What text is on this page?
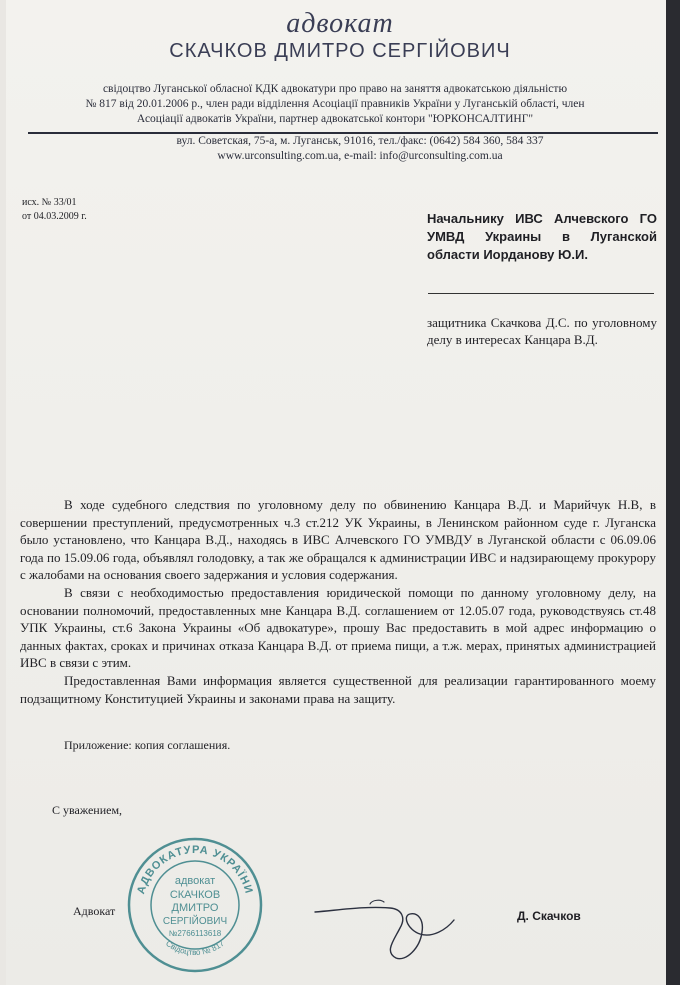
адвокат
СКАЧКОВ ДМИТРО СЕРГІЙОВИЧ
свідоцтво Луганської обласної КДК адвокатури про право на заняття адвокатською діяльністю
№ 817 від 20.01.2006 р., член ради відділення Асоціації правників України у Луганській області, член
Асоціації адвокатів України, партнер адвокатської контори "ЮРКОНСАЛТИНГ"
вул. Советская, 75-а, м. Луганськ, 91016, тел./факс: (0642) 584 360, 584 337
www.urconsulting.com.ua, e-mail: info@urconsulting.com.ua
исх. № 33/01
от 04.03.2009 г.	Начальнику ИВС Алчевского ГО УМВД Украины в Луганской области Иорданову Ю.И.
защитника Скачкова Д.С. по уголовному делу в интересах Канцара В.Д.

В ходе судебного следствия по уголовному делу по обвинению Канцара В.Д. и Марийчук Н.В, в совершении преступлений, предусмотренных ч.3 ст.212 УК Украины, в Ленинском районном суде г. Луганска было установлено, что Канцара В.Д., находясь в ИВС Алчевского ГО УМВДУ в Луганской области с 06.09.06 года по 15.09.06 года, объявлял голодовку, а так же обращался к администрации ИВС и надзирающему прокурору с жалобами на основания своего задержания и условия содержания.

В связи с необходимостью предоставления юридической помощи по данному уголовному делу, на основании полномочий, предоставленных мне Канцара В.Д. соглашением от 12.05.07 года, руководствуясь ст.48 УПК Украины, ст.6 Закона Украины «Об адвокатуре», прошу Вас предоставить в мой адрес информацию о данных фактах, сроках и причинах отказа Канцара В.Д. от приема пищи, а т.ж. мерах, принятых администрацией ИВС в связи с этим.

Предоставленная Вами информация является существенной для реализации гарантированного моему подзащитному Конституцией Украины и законами права на защиту.

Приложение: копия соглашения.
С уважением,
Адвокат	Д. Скачков
АДВОКАТУРА УКРАЇНИ
Свідоцтво № 817
адвокат
СКАЧКОВ
ДМИТРО
СЕРГІЙОВИЧ
№2766113618
